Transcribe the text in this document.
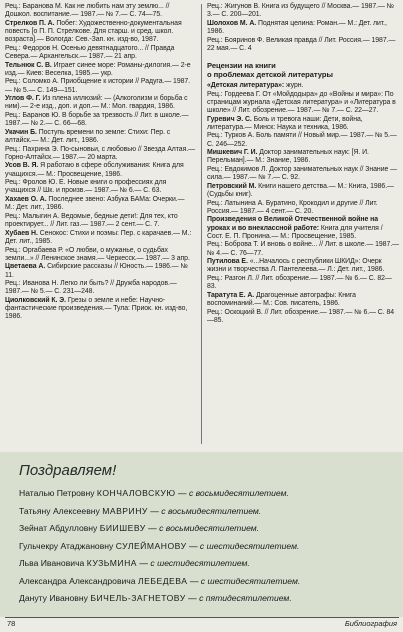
Рец.: Баранова М. Как не любить нам эту землю... // Дошкол. воспитание.— 1987.— № 7.— С. 74—75.
Стрелков П. А. Побег: Художественно-документальная повесть [о П. П. Стрелкове. Для старш. и сред. школ. возраста].— Вологда: Сев.-Зап. кн. изд-во, 1987.
Рец.: Федоров Н. Осенью девятнадцатого... // Правда Севера.— Архангельск.— 1987.— 21 апр.
Тельнюк С. В. Играет синее море: Романы-дилогия.— 2-е изд.— Киев: Веселка, 1985.— укр.
Рец.: Соломко А. Приобщение к истории // Радуга.— 1987.— № 5.— С. 149—151.
Углов Ф. Г. Из плена иллюзий: — (Алкоголизм и борьба с ним).— 2-е изд., доп. и доп.— М.: Мол. гвардия, 1986.
Рец.: Баранов Ю. В борьбе за трезвость // Лит. в школе.— 1987.— № 2.— С. 66—68.
Укачин Б. Поступь времени по земле: Стихи: Пер. с алтайск.— М.: Дет. лит., 1986.
Рец.: Пахрина Э. По-сыновьи, с любовью // Звезда Алтая.— Горно-Алтайск.— 1987.— 20 марта.
Усов В. Я. Я работаю в сфере обслуживания: Книга для учащихся.— М.: Просвещение, 1986.
Рец.: Фролов Ю. Е. Новые книги о профессиях для учащихся // Шк. и произв.— 1987.— № 6.— С. 63.
Хахаев О. А. Последнее звено: Азбука БАМа: Очерки.— М.: Дет. лит., 1986.
Рец.: Малыгин А. Ведомые, бедные дети!: Для тех, кто проектирует... // Лит. газ.— 1987.— 2 сент.— С. 7.
Хубаев Н. Сенокос: Стихи и поэмы: Пер. с карачаев.— М.: Дет. лит., 1985.
Рец.: Оргабаева Р. «О любви, о мужанье, о судьбах земли...» // Ленинское знамя.— Черкесск.— 1987.— 3 апр.
Цветаева А. Сибирские рассказы // Юность.— 1986.— № 11.
Рец.: Иванова Н. Легко ли быть? // Дружба народов.— 1987.— № 5.— С. 231—248.
Циолковский К. Э. Грезы о земле и небе: Научно-фантастические произведения.— Тула: Приок. кн. изд-во, 1986.
Рец.: Жигунов В. Книга из будущего // Москва.— 1987.— № 3.— С. 200—201.
Шолохов М. А. Поднятая целина: Роман.— М.: Дет. лит., 1986.
Рец.: Бояринов Ф. Великая правда // Лит. Россия.— 1987.— 22 мая.— С. 4
Рецензии на книги
о проблемах детской литературы
«Детская литература»: журн.
Рец.: Гордеева Г. От «Мойдодыра» до «Войны и мира»: По страницам журнала «Детская литература» и «Литература в школе» // Лит. обозрение.— 1987.— № 7.— С. 22—27.
Гуревич Э. С. Боль и тревога наши: Дети, война, литература.— Минск: Наука и техника, 1986.
Рец.: Турков А. Боль памяти // Новый мир.— 1987.— № 5.— С. 246—252.
Мишкевич Г. И. Доктор занимательных наук: [Я. И. Перельман].— М.: Знание, 1986.
Рец.: Евдокимов Л. Доктор занимательных наук // Знание — сила.— 1987.— № 7.— С. 92.
Петровский М. Книги нашего детства.— М.: Книга, 1986.— (Судьбы книг).
Рец.: Латынина А. Буратино, Крокодил и другие // Лит. Россия.— 1987.— 4 сент.— С. 20.
Произведения о Великой Отечественной войне на уроках и во внеклассной работе: Книга для учителя / Сост. Е. П. Пронина.— М.: Просвещение, 1985.
Рец.: Боброва Т. И вновь о войне... // Лит. в школе.— 1987.— № 4.— С. 76—77.
Путилова Е. «...Началось с республики ШКИД»: Очерк жизни и творчества Л. Пантелеева.— Л.: Дет. лит., 1986.
Рец.: Разгон Л. // Лит. обозрение.— 1987.— № 6.— С. 82—83.
Таратута Е. А. Драгоценные автографы: Книга воспоминаний.— М.: Сов. писатель, 1986.
Рец.: Оскоцкий В. // Лит. обозрение.— 1987.— № 6.— С. 84—85.
Поздравляем!
Наталью Петровну КОНЧАЛОВСКУЮ — с восьмидесятилетием.
Татьяну Алексеевну МАВРИНУ — с восьмидесятилетием.
Зейнат Абдулловну БИИШЕВУ — с восьмидесятилетием.
Гульчекру Атаджановну СУЛЕЙМАНОВУ — с шестидесятилетием.
Льва Ивановича КУЗЬМИНА — с шестидесятилетием.
Александра Александровича ЛЕБЕДЕВА — с шестидесятилетием.
Дануту Ивановну БИЧЕЛЬ-ЗАГНЕТОВУ — с пятидесятилетием.
78	Библиография
